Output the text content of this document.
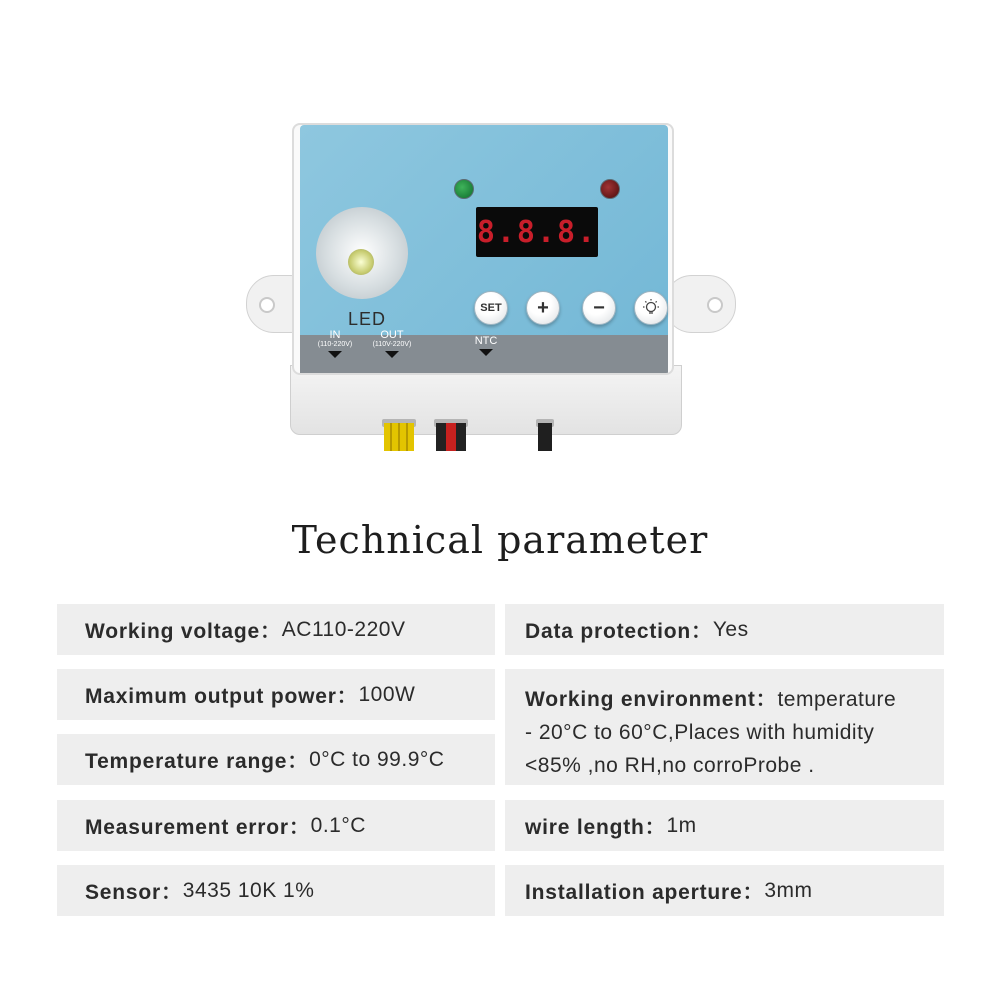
LED
8.8.8.
SET	+	−
IN
(110-220V)
OUT
(110V-220V)	NTC
Technical parameter
Working voltage： AC110-220V	Data protection： Yes
Maximum output power： 100W	Working environment：temperature
- 20°C to 60°C,Places with humidity
<85% ,no RH,no corroProbe .
Temperature range： 0°C to 99.9°C
Measurement error： 0.1°C	wire length： 1m
Sensor： 3435 10K 1%	Installation aperture： 3mm
